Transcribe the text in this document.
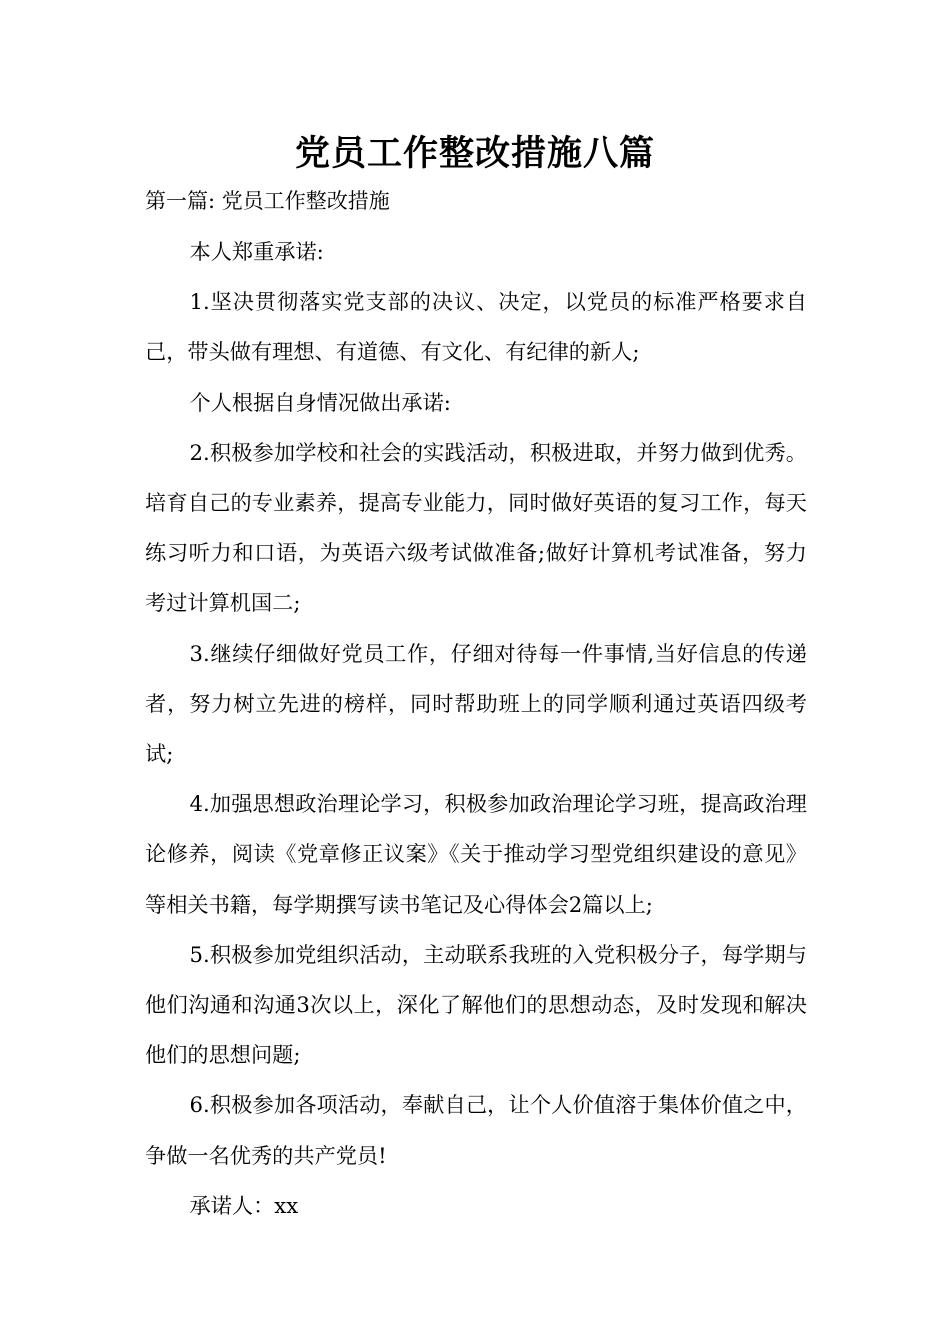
党员工作整改措施八篇
第一篇: 党员工作整改措施

本人郑重承诺:

1.坚决贯彻落实党支部的决议、决定，以党员的标准严格要求自己，带头做有理想、有道德、有文化、有纪律的新人;

个人根据自身情况做出承诺:

2.积极参加学校和社会的实践活动，积极进取，并努力做到优秀。培育自己的专业素养，提高专业能力，同时做好英语的复习工作，每天练习听力和口语，为英语六级考试做准备;做好计算机考试准备，努力考过计算机国二;

3.继续仔细做好党员工作，仔细对待每一件事情,当好信息的传递者，努力树立先进的榜样，同时帮助班上的同学顺利通过英语四级考试;

4.加强思想政治理论学习，积极参加政治理论学习班，提高政治理论修养，阅读《党章修正议案》《关于推动学习型党组织建设的意见》等相关书籍，每学期撰写读书笔记及心得体会2篇以上;

5.积极参加党组织活动，主动联系我班的入党积极分子，每学期与他们沟通和沟通3次以上，深化了解他们的思想动态，及时发现和解决他们的思想问题;

6.积极参加各项活动，奉献自己，让个人价值溶于集体价值之中，争做一名优秀的共产党员!

承诺人：xx
